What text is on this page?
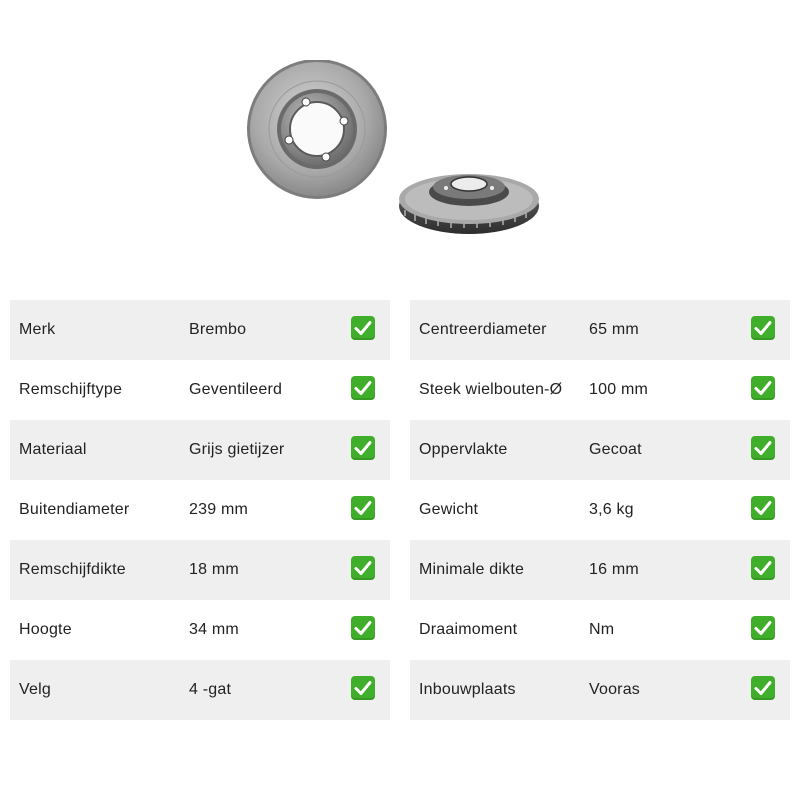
Merk	Brembo
Remschijftype	Geventileerd
Materiaal	Grijs gietijzer
Buitendiameter	239 mm
Remschijfdikte	18 mm
Hoogte	34 mm
Velg	4 -gat
Centreerdiameter	65 mm
Steek wielbouten-Ø 100 mm
Oppervlakte	Gecoat
Gewicht	3,6 kg
Minimale dikte	16 mm
Draaimoment	Nm
Inbouwplaats	Vooras
